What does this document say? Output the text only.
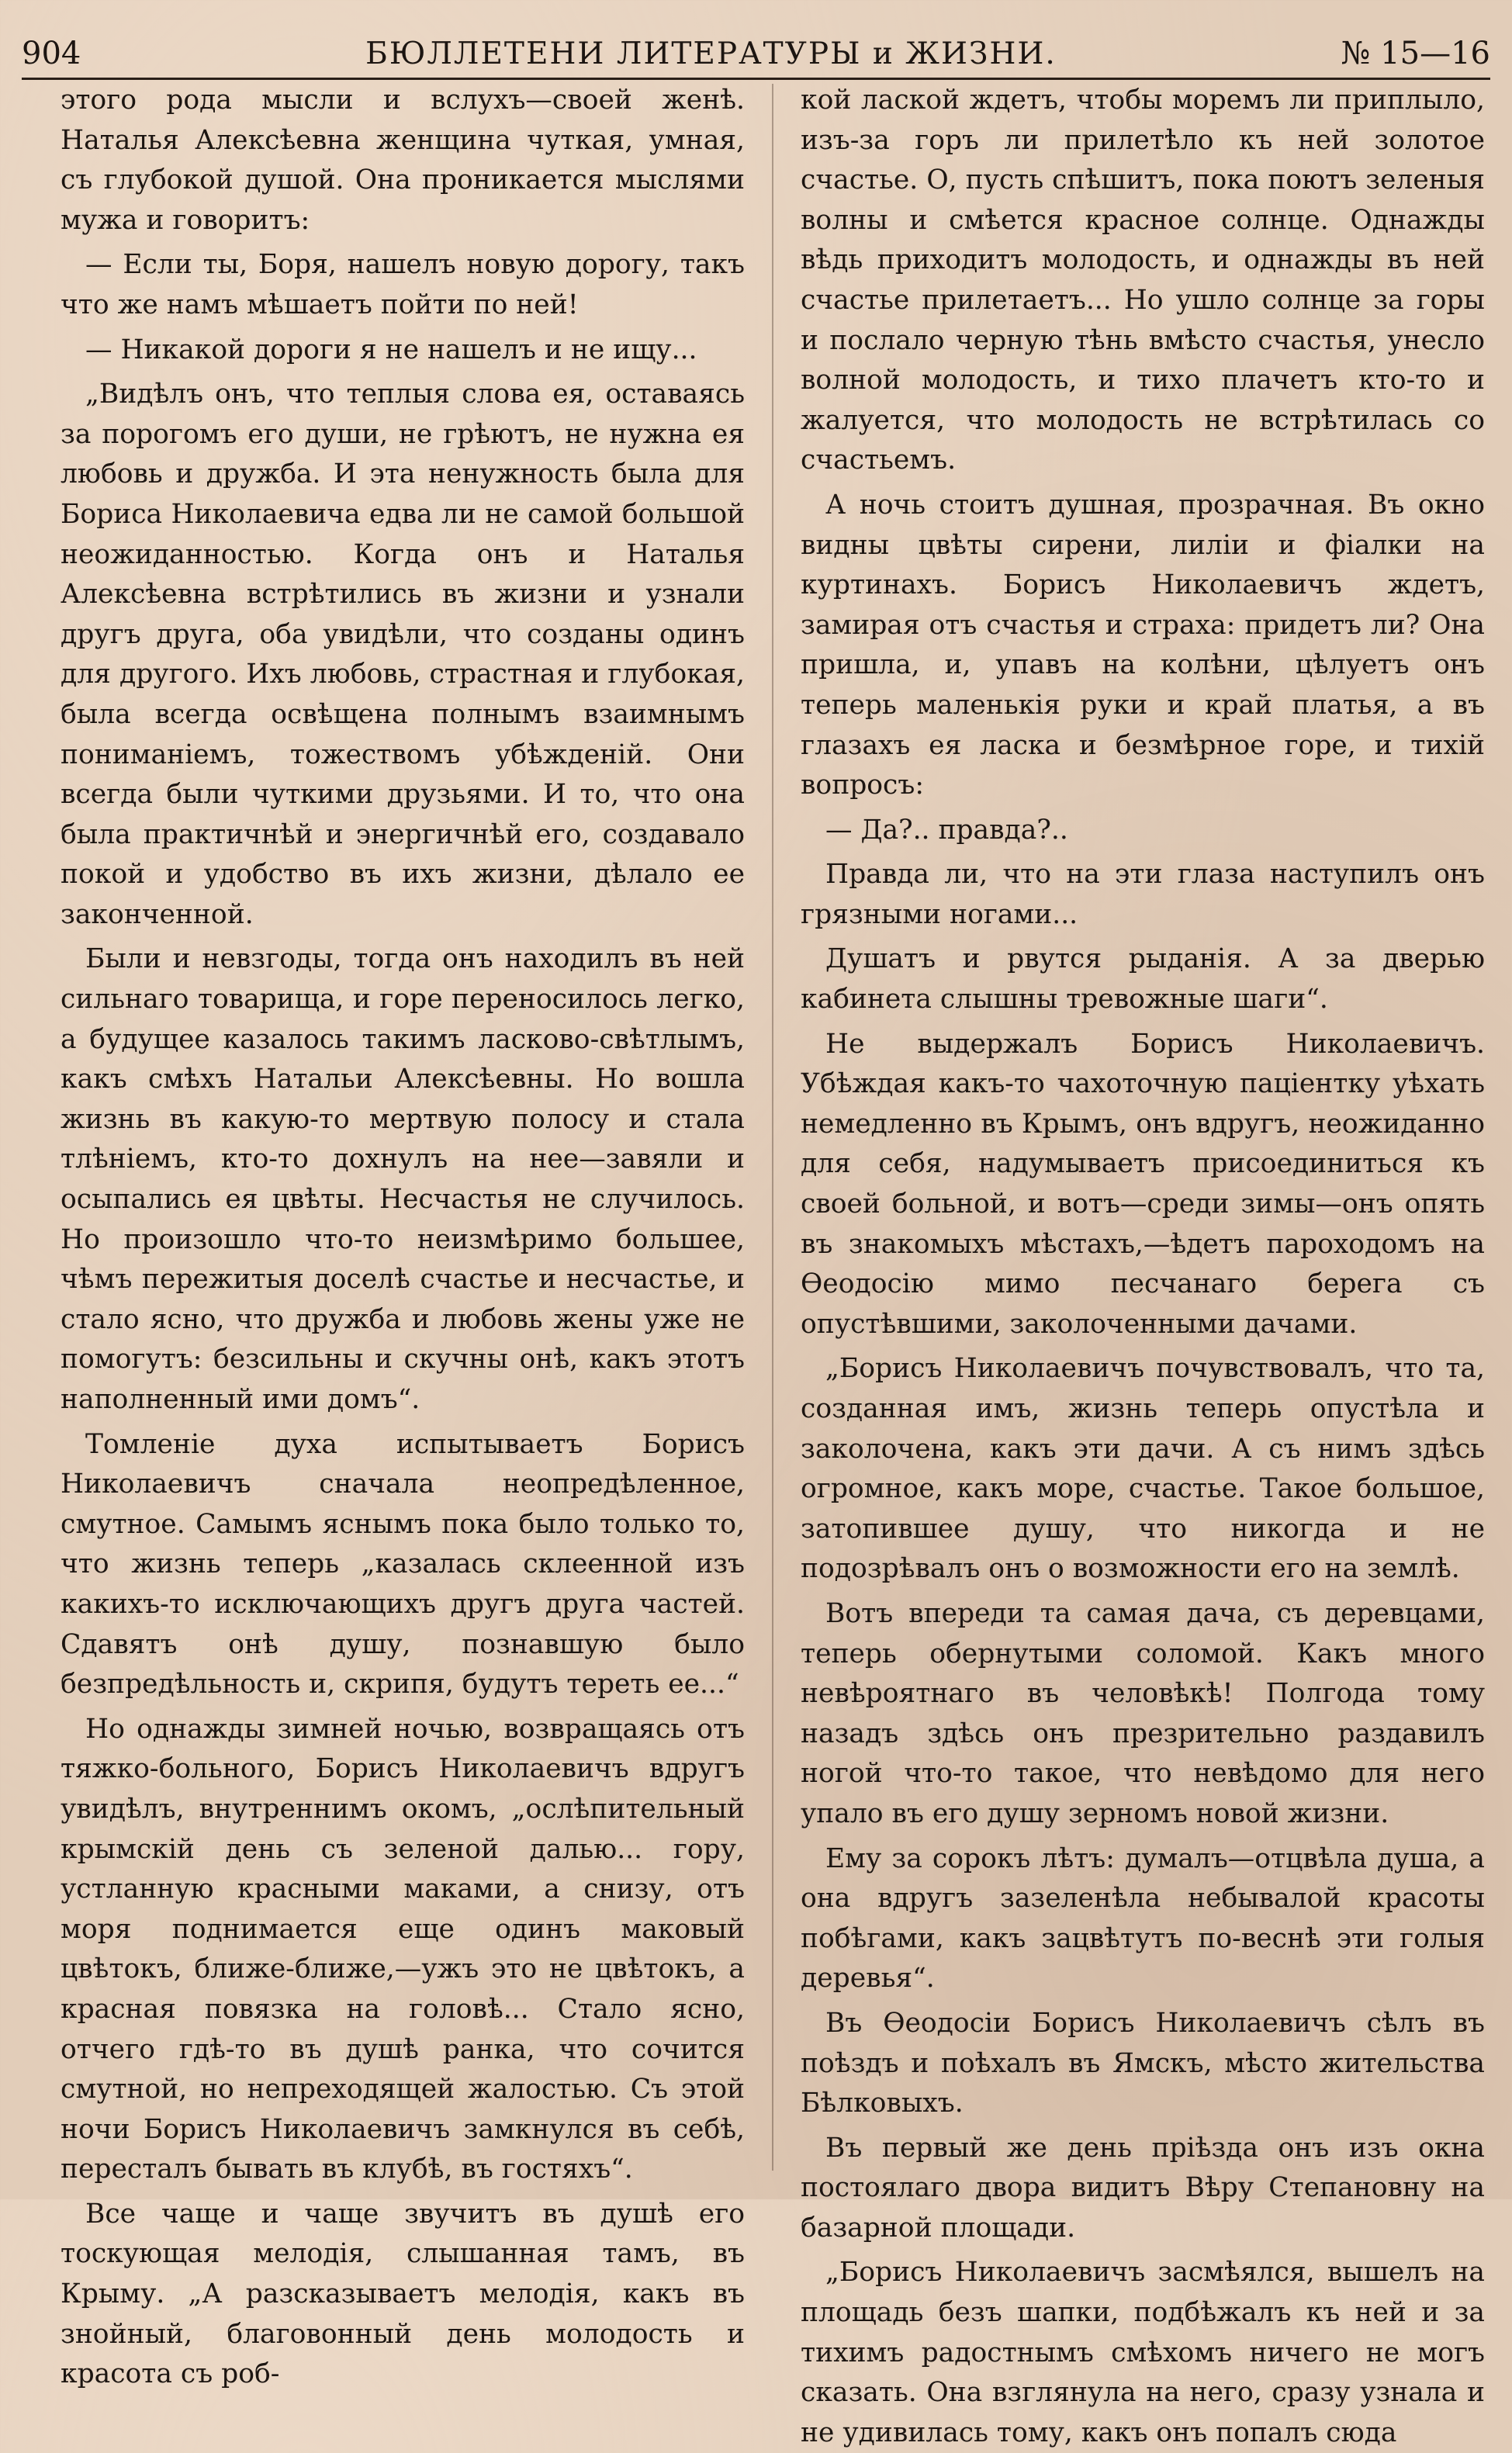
904	БЮЛЛЕТЕНИ ЛИТЕРАТУРЫ и ЖИЗНИ.	№ 15—16

этого рода мысли и вслухъ—своей женѣ. Наталья Алексѣевна женщина чуткая, умная, съ глубокой душой. Она проникается мыслями мужа и говоритъ:

— Если ты, Боря, нашелъ новую дорогу, такъ что же намъ мѣшаетъ пойти по ней!

— Никакой дороги я не нашелъ и не ищу...

„Видѣлъ онъ, что теплыя слова ея, оставаясь за порогомъ его души, не грѣютъ, не нужна ея любовь и дружба. И эта ненужность была для Бориса Николаевича едва ли не самой большой неожиданностью. Когда онъ и Наталья Алексѣевна встрѣтились въ жизни и узнали другъ друга, оба увидѣли, что созданы одинъ для другого. Ихъ любовь, страстная и глубокая, была всегда освѣщена полнымъ взаимнымъ пониманіемъ, тожествомъ убѣжденій. Они всегда были чуткими друзьями. И то, что она была практичнѣй и энергичнѣй его, создавало покой и удобство въ ихъ жизни, дѣлало ее законченной.

Были и невзгоды, тогда онъ находилъ въ ней сильнаго товарища, и горе переносилось легко, а будущее казалось такимъ ласково-свѣтлымъ, какъ смѣхъ Натальи Алексѣевны. Но вошла жизнь въ какую-то мертвую полосу и стала тлѣніемъ, кто-то дохнулъ на нее—завяли и осыпались ея цвѣты. Несчастья не случилось. Но произошло что-то неизмѣримо большее, чѣмъ пережитыя доселѣ счастье и несчастье, и стало ясно, что дружба и любовь жены уже не помогутъ: безсильны и скучны онѣ, какъ этотъ наполненный ими домъ“.

Томленіе духа испытываетъ Борисъ Николаевичъ сначала неопредѣленное, смутное. Самымъ яснымъ пока было только то, что жизнь теперь „казалась склеенной изъ какихъ-то исключающихъ другъ друга частей. Сдавятъ онѣ душу, познавшую было безпредѣльность и, скрипя, будутъ тереть ее...“

Но однажды зимней ночью, возвращаясь отъ тяжко-больного, Борисъ Николаевичъ вдругъ увидѣлъ, внутреннимъ окомъ, „ослѣпительный крымскій день съ зеленой далью... гору, устланную красными маками, а снизу, отъ моря поднимается еще одинъ маковый цвѣтокъ, ближе-ближе,—ужъ это не цвѣтокъ, а красная повязка на головѣ... Стало ясно, отчего гдѣ-то въ душѣ ранка, что сочится смутной, но непреходящей жалостью. Съ этой ночи Борисъ Николаевичъ замкнулся въ себѣ, пересталъ бывать въ клубѣ, въ гостяхъ“.

Все чаще и чаще звучитъ въ душѣ его тоскующая мелодія, слышанная тамъ, въ Крыму. „А разсказываетъ мелодія, какъ въ знойный, благовонный день молодость и красота съ роб-

кой лаской ждетъ, чтобы моремъ ли приплыло, изъ-за горъ ли прилетѣло къ ней золотое счастье. О, пусть спѣшитъ, пока поютъ зеленыя волны и смѣется красное солнце. Однажды вѣдь приходитъ молодость, и однажды въ ней счастье прилетаетъ... Но ушло солнце за горы и послало черную тѣнь вмѣсто счастья, унесло волной молодость, и тихо плачетъ кто-то и жалуется, что молодость не встрѣтилась со счастьемъ.

А ночь стоитъ душная, прозрачная. Въ окно видны цвѣты сирени, лиліи и фіалки на куртинахъ. Борисъ Николаевичъ ждетъ, замирая отъ счастья и страха: придетъ ли? Она пришла, и, упавъ на колѣни, цѣлуетъ онъ теперь маленькія руки и край платья, а въ глазахъ ея ласка и безмѣрное горе, и тихій вопросъ:

— Да?.. правда?..

Правда ли, что на эти глаза наступилъ онъ грязными ногами...

Душатъ и рвутся рыданія. А за дверью кабинета слышны тревожные шаги“.

Не выдержалъ Борисъ Николаевичъ. Убѣждая какъ-то чахоточную паціентку уѣхать немедленно въ Крымъ, онъ вдругъ, неожиданно для себя, надумываетъ присоединиться къ своей больной, и вотъ—среди зимы—онъ опять въ знакомыхъ мѣстахъ,—ѣдетъ пароходомъ на Ѳеодосію мимо песчанаго берега съ опустѣвшими, заколоченными дачами.

„Борисъ Николаевичъ почувствовалъ, что та, созданная имъ, жизнь теперь опустѣла и заколочена, какъ эти дачи. А съ нимъ здѣсь огромное, какъ море, счастье. Такое большое, затопившее душу, что никогда и не подозрѣвалъ онъ о возможности его на землѣ.

Вотъ впереди та самая дача, съ деревцами, теперь обернутыми соломой. Какъ много невѣроятнаго въ человѣкѣ! Полгода тому назадъ здѣсь онъ презрительно раздавилъ ногой что-то такое, что невѣдомо для него упало въ его душу зерномъ новой жизни.

Ему за сорокъ лѣтъ: думалъ—отцвѣла душа, а она вдругъ зазеленѣла небывалой красоты побѣгами, какъ зацвѣтутъ по-веснѣ эти голыя деревья“.

Въ Ѳеодосіи Борисъ Николаевичъ сѣлъ въ поѣздъ и поѣхалъ въ Ямскъ, мѣсто жительства Бѣлковыхъ.

Въ первый же день пріѣзда онъ изъ окна постоялаго двора видитъ Вѣру Степановну на базарной площади.

„Борисъ Николаевичъ засмѣялся, вышелъ на площадь безъ шапки, подбѣжалъ къ ней и за тихимъ радостнымъ смѣхомъ ничего не могъ сказать. Она взглянула на него, сразу узнала и не удивилась тому, какъ онъ попалъ сюда
